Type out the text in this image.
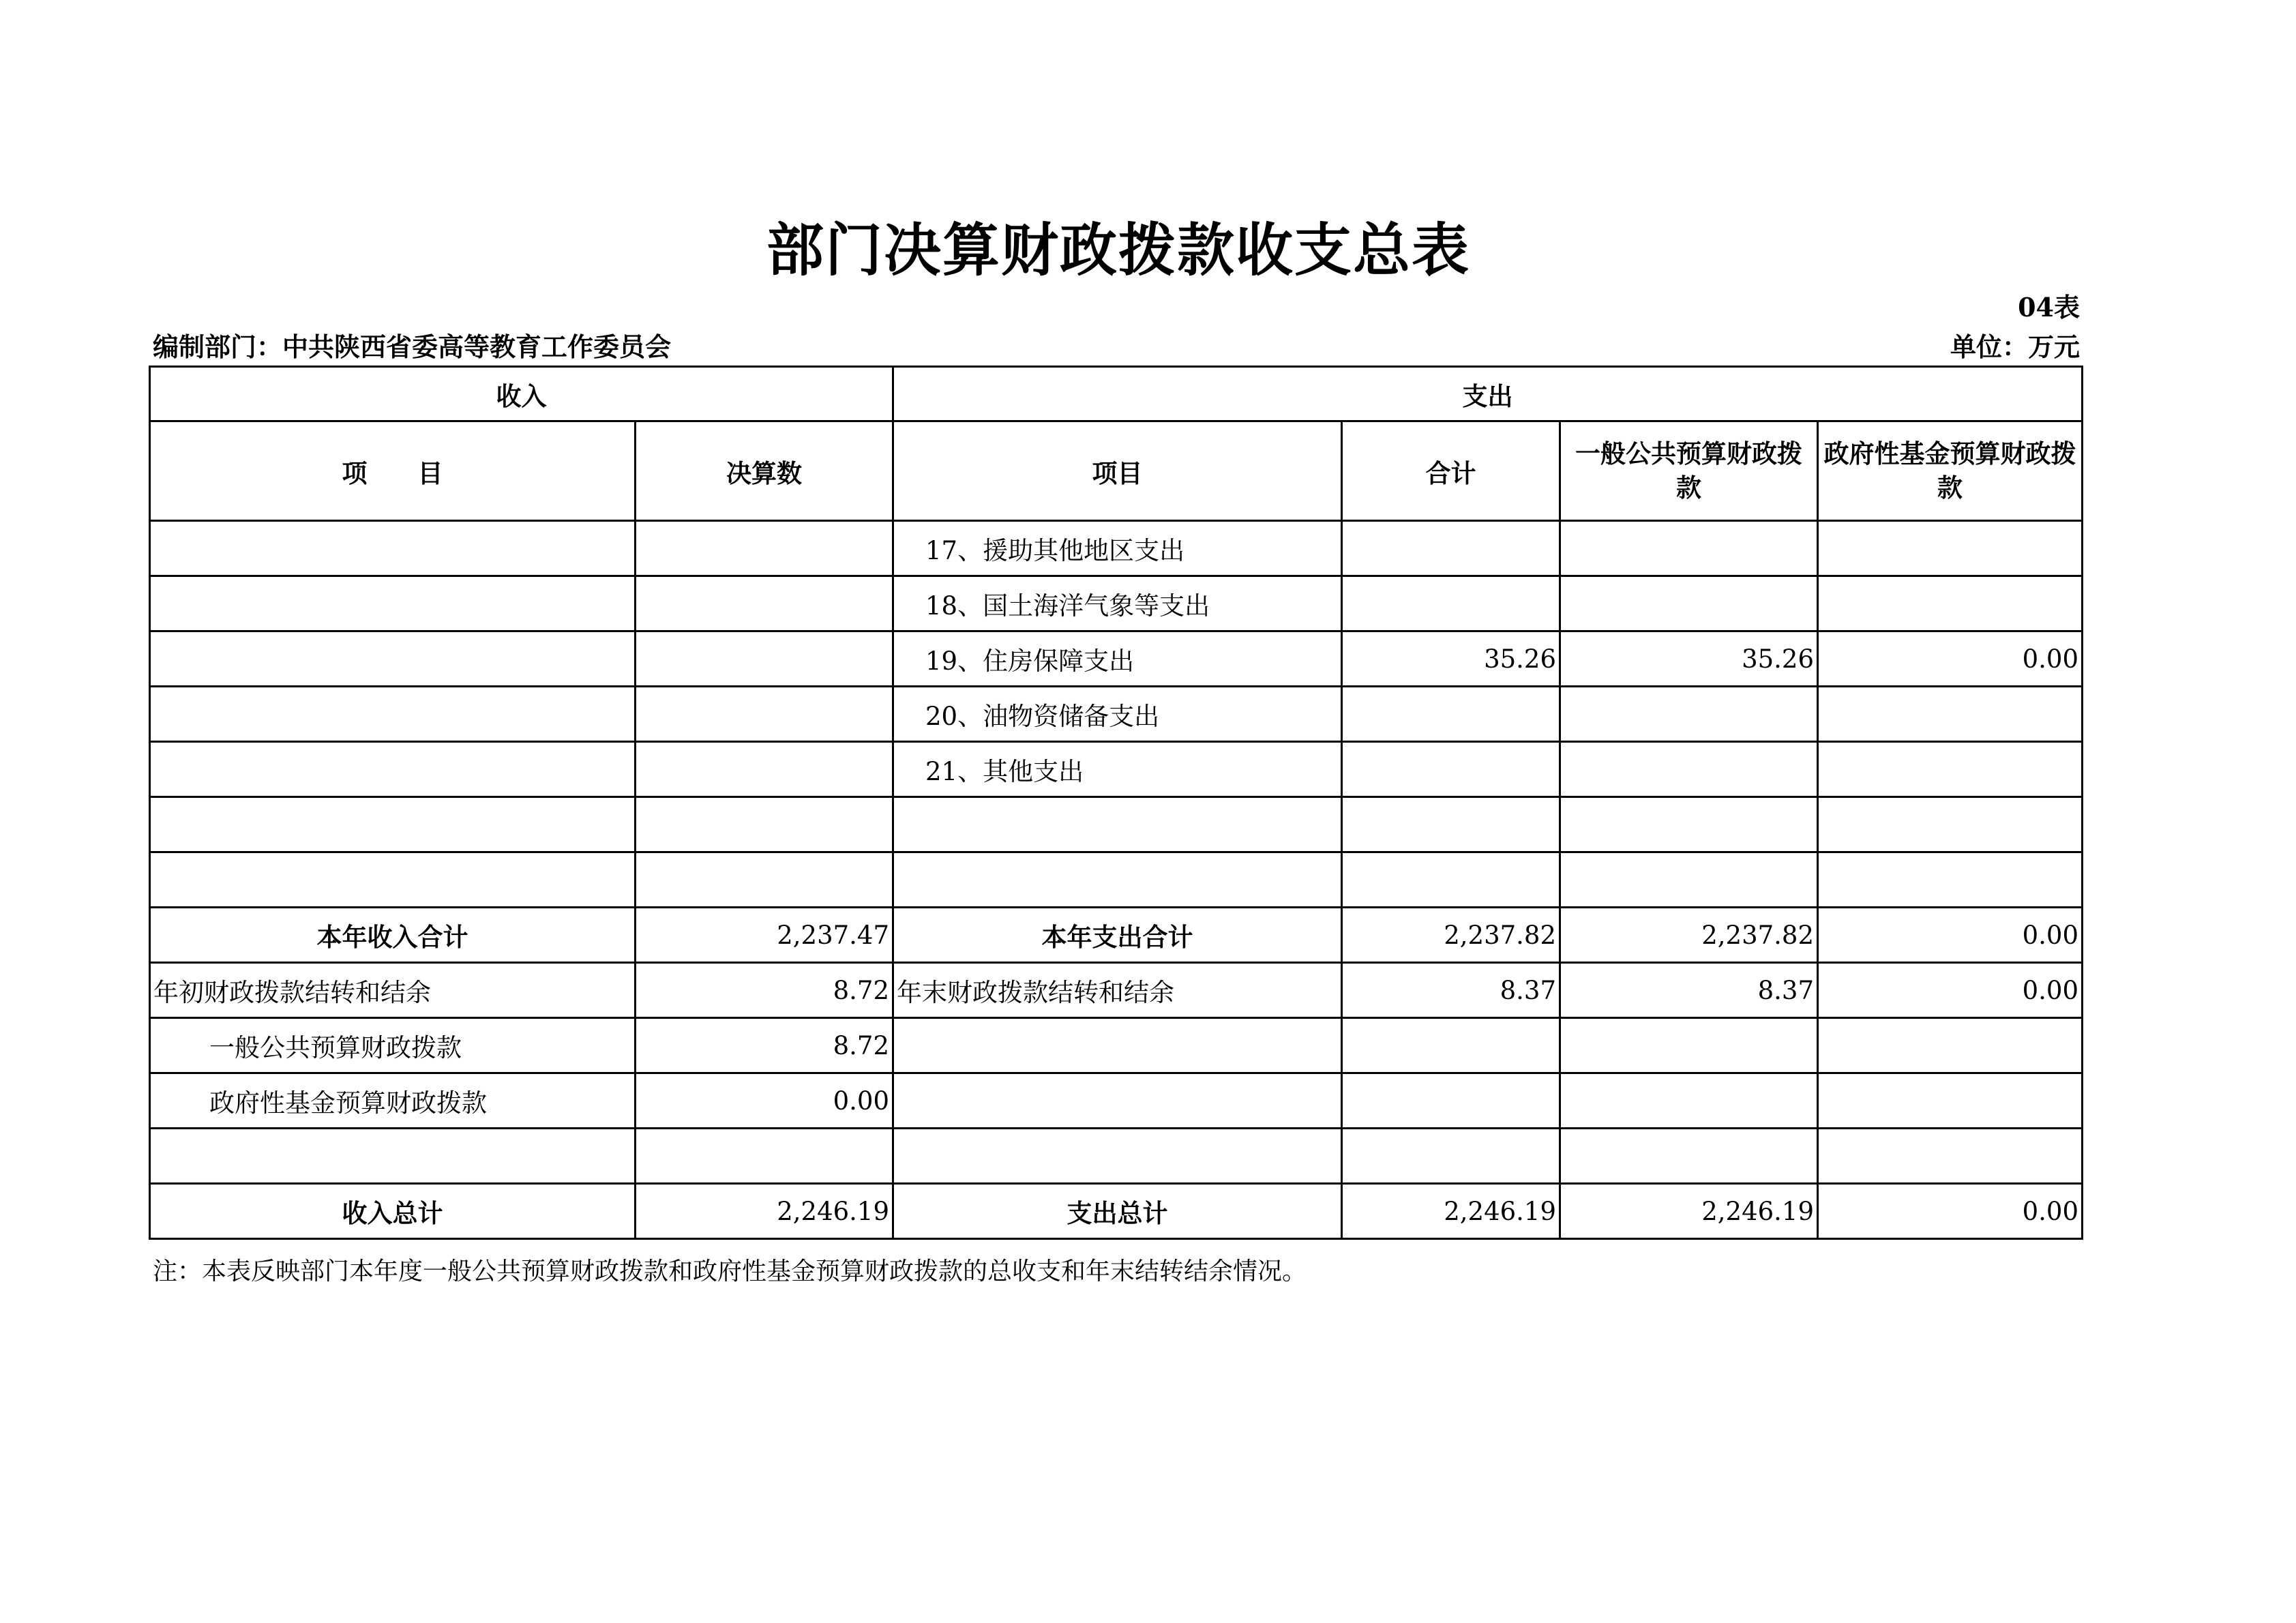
部门决算财政拨款收支总表
04表
编制部门：中共陕西省委高等教育工作委员会	单位：万元
收入		支出			
项　　目	决算数	项目	合计	一般公共预算财政拨款	政府性基金预算财政拨款
		17、援助其他地区支出			
		18、国土海洋气象等支出			
		19、住房保障支出	35.26	35.26	0.00
		20、油物资储备支出			
		21、其他支出			

本年收入合计	2,237.47	本年支出合计	2,237.82	2,237.82	0.00
年初财政拨款结转和结余	8.72	年末财政拨款结转和结余	8.37	8.37	0.00
一般公共预算财政拨款	8.72				
政府性基金预算财政拨款	0.00				

收入总计	2,246.19	支出总计	2,246.19	2,246.19	0.00
注：本表反映部门本年度一般公共预算财政拨款和政府性基金预算财政拨款的总收支和年末结转结余情况。
